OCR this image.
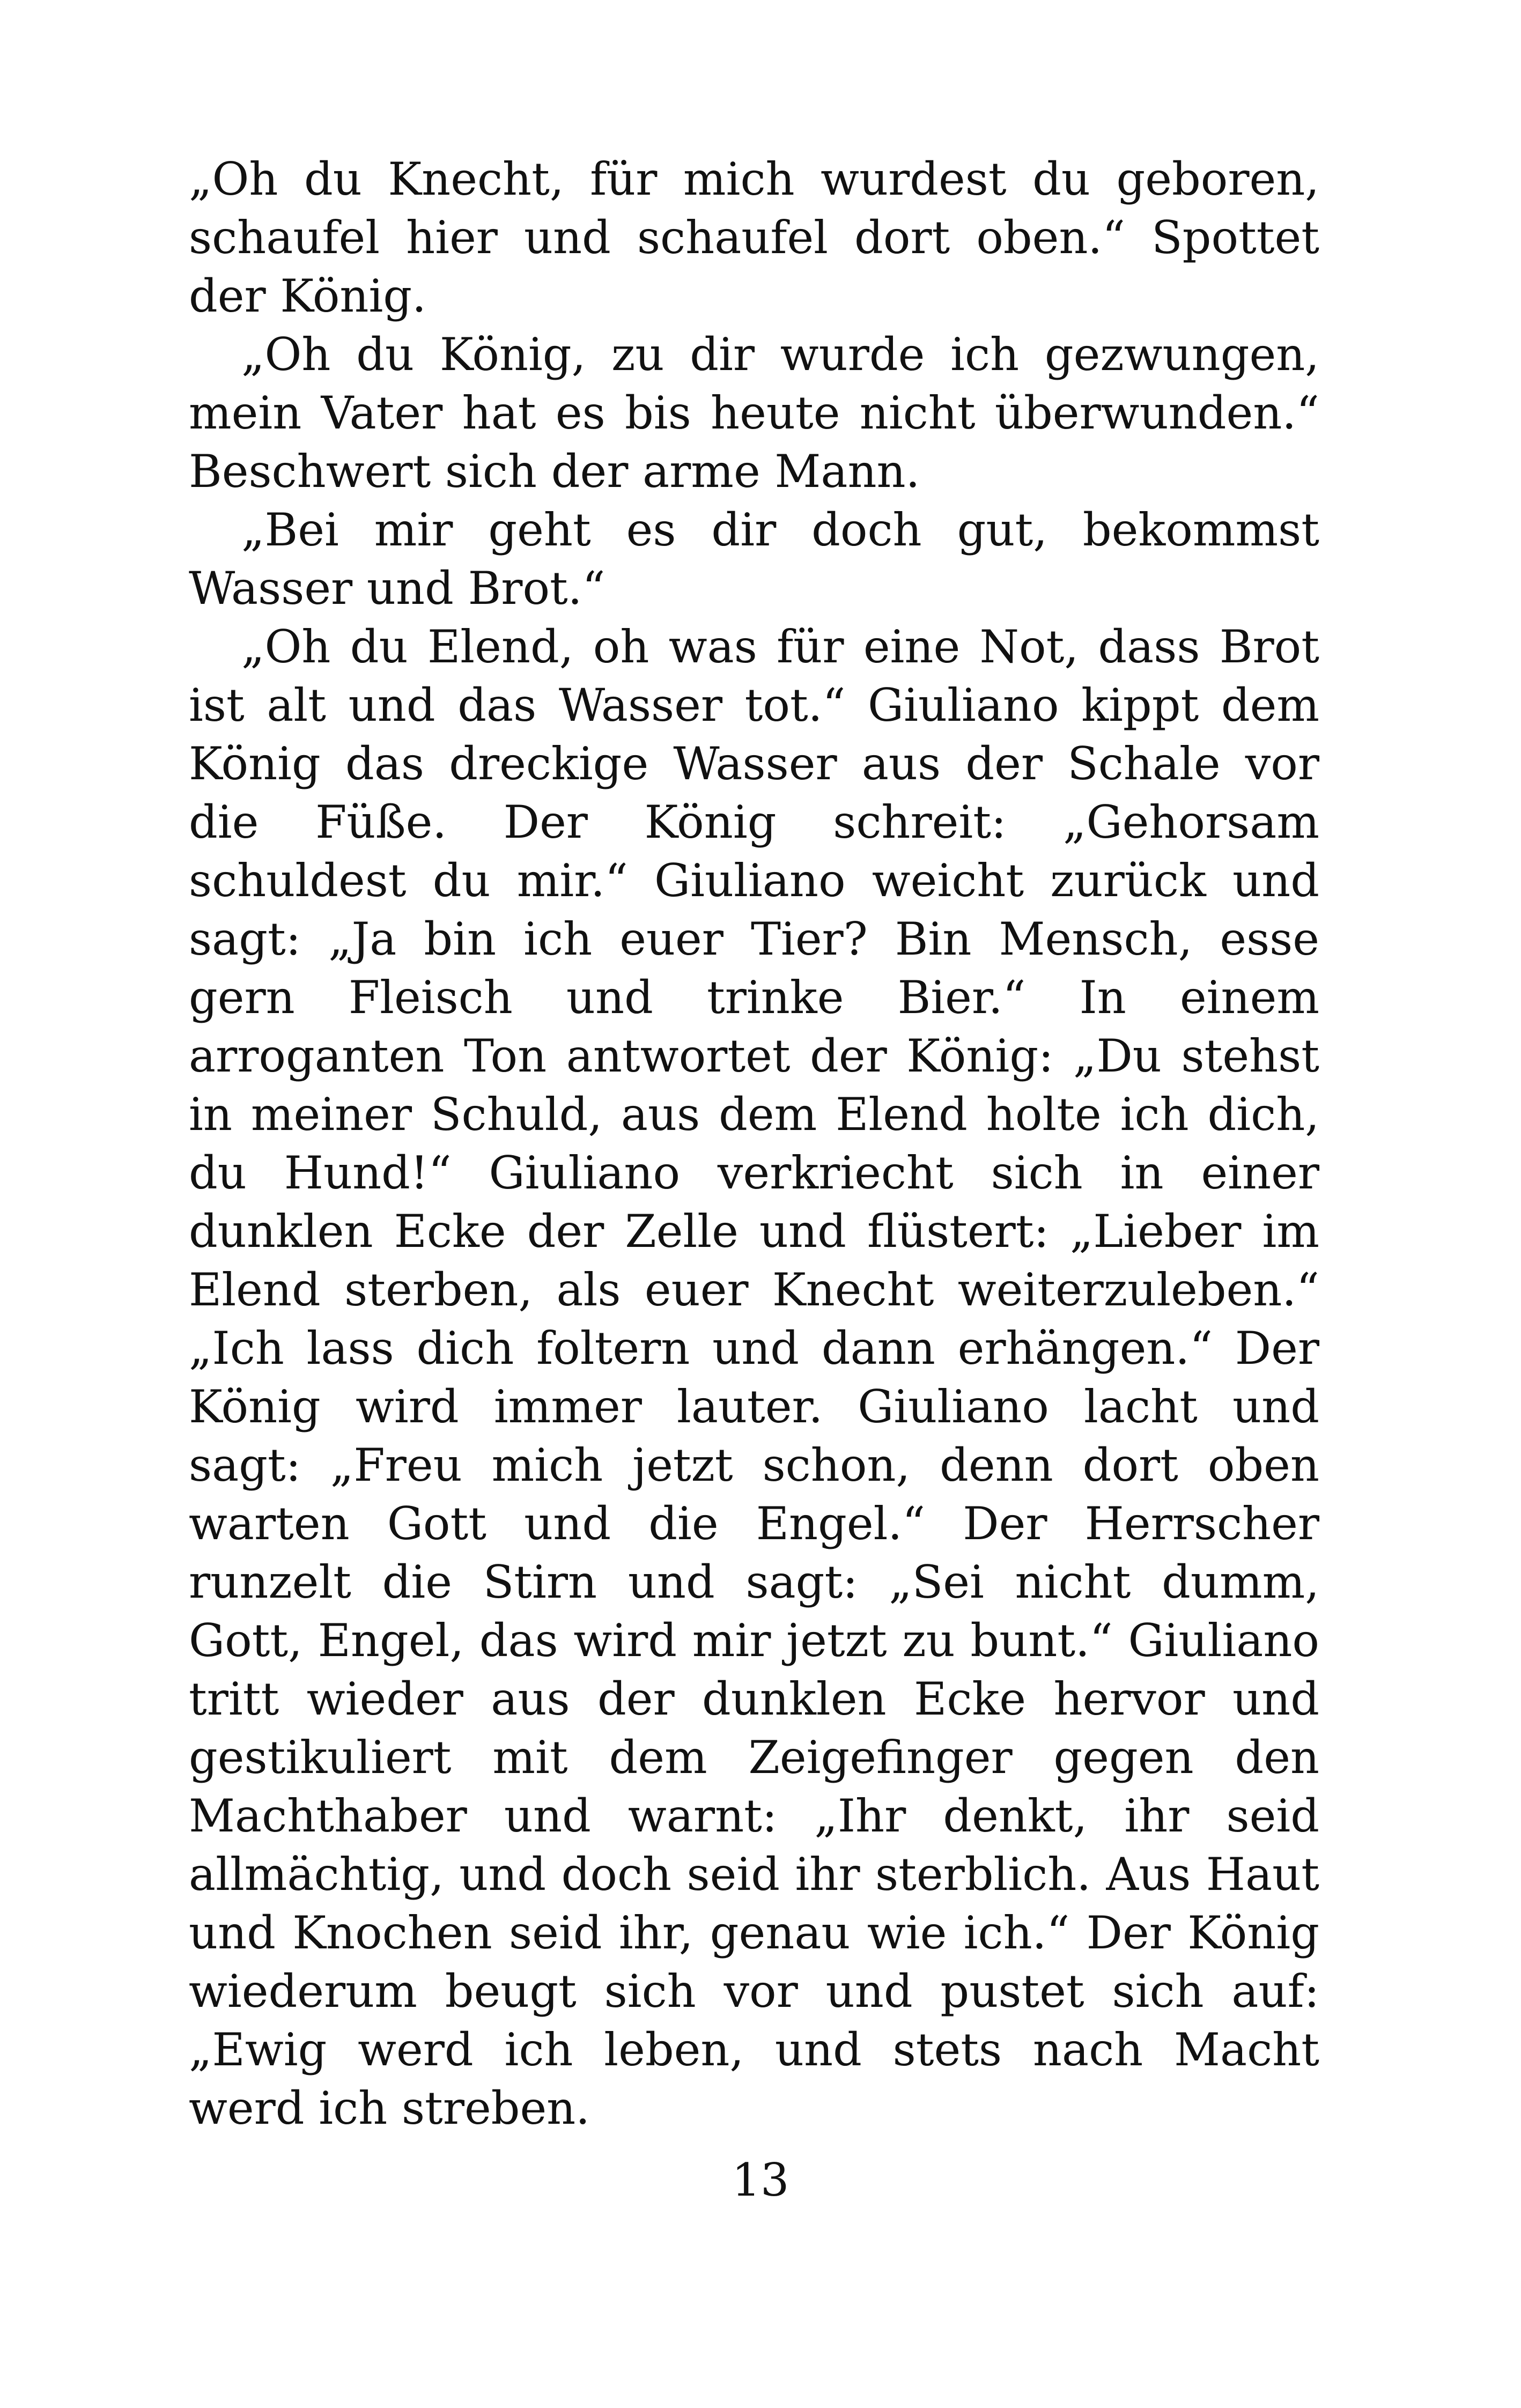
„Oh du Knecht, für mich wurdest du geboren, schaufel hier und schaufel dort oben.“ Spottet der König.

„Oh du König, zu dir wurde ich gezwungen, mein Vater hat es bis heute nicht überwunden.“ Beschwert sich der arme Mann.

„Bei mir geht es dir doch gut, bekommst Wasser und Brot.“

„Oh du Elend, oh was für eine Not, dass Brot ist alt und das Wasser tot.“ Giuliano kippt dem König das dreckige Wasser aus der Schale vor die Füße. Der König schreit: „Gehorsam schuldest du mir.“ Giuliano weicht zurück und sagt: „Ja bin ich euer Tier? Bin Mensch, esse gern Fleisch und trinke Bier.“ In einem arroganten Ton antwortet der König: „Du stehst in meiner Schuld, aus dem Elend holte ich dich, du Hund!“ Giuliano verkriecht sich in einer dunklen Ecke der Zelle und flüstert: „Lieber im Elend sterben, als euer Knecht weiterzuleben.“ „Ich lass dich foltern und dann erhängen.“ Der König wird immer lauter. Giuliano lacht und sagt: „Freu mich jetzt schon, denn dort oben warten Gott und die Engel.“ Der Herrscher runzelt die Stirn und sagt: „Sei nicht dumm, Gott, Engel, das wird mir jetzt zu bunt.“ Giuliano tritt wieder aus der dunklen Ecke hervor und gestikuliert mit dem Zeigefinger gegen den Machthaber und warnt: „Ihr denkt, ihr seid allmächtig, und doch seid ihr sterblich. Aus Haut und Knochen seid ihr, genau wie ich.“ Der König wiederum beugt sich vor und pustet sich auf: „Ewig werd ich leben, und stets nach Macht werd ich streben.

13
